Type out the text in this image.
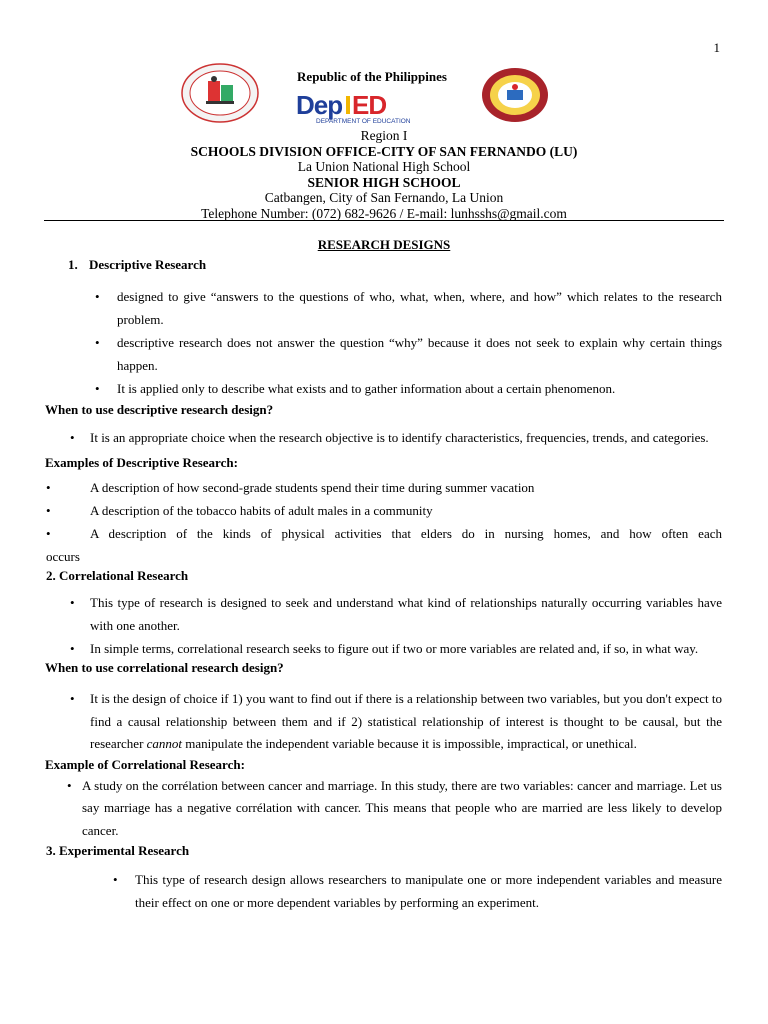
1
Republic of the Philippines
Dep ED
DEPARTMENT OF EDUCATION
Region I
SCHOOLS DIVISION OFFICE-CITY OF SAN FERNANDO (LU)
La Union National High School
SENIOR HIGH SCHOOL
Catbangen, City of San Fernando, La Union
Telephone Number: (072) 682-9626 / E-mail: lunhsshs@gmail.com
RESEARCH DESIGNS
1. Descriptive Research
• designed to give “answers to the questions of who, what, when, where, and how” which relates to the research problem.
• descriptive research does not answer the question “why” because it does not seek to explain why certain things happen.
• It is applied only to describe what exists and to gather information about a certain phenomenon.
When to use descriptive research design?
• It is an appropriate choice when the research objective is to identify characteristics, frequencies, trends, and categories.
Examples of Descriptive Research:
•	A description of how second-grade students spend their time during summer vacation
•	A description of the tobacco habits of adult males in a community
•	A description of the kinds of physical activities that elders do in nursing homes, and how often each

occurs

2. Correlational Research
• This type of research is designed to seek and understand what kind of relationships naturally occurring variables have with one another.
• In simple terms, correlational research seeks to figure out if two or more variables are related and, if so, in what way.
When to use correlational research design?
• It is the design of choice if 1) you want to find out if there is a relationship between two variables, but you don't expect to find a causal relationship between them and if 2) statistical relationship of interest is thought to be causal, but the researcher cannot manipulate the independent variable because it is impossible, impractical, or unethical.
Example of Correlational Research:
• A study on the corrélation between cancer and marriage. In this study, there are two variables: cancer and marriage. Let us say marriage has a negative corrélation with cancer. This means that people who are married are less likely to develop cancer.
3. Experimental Research
• This type of research design allows researchers to manipulate one or more independent variables and measure their effect on one or more dependent variables by performing an experiment.
